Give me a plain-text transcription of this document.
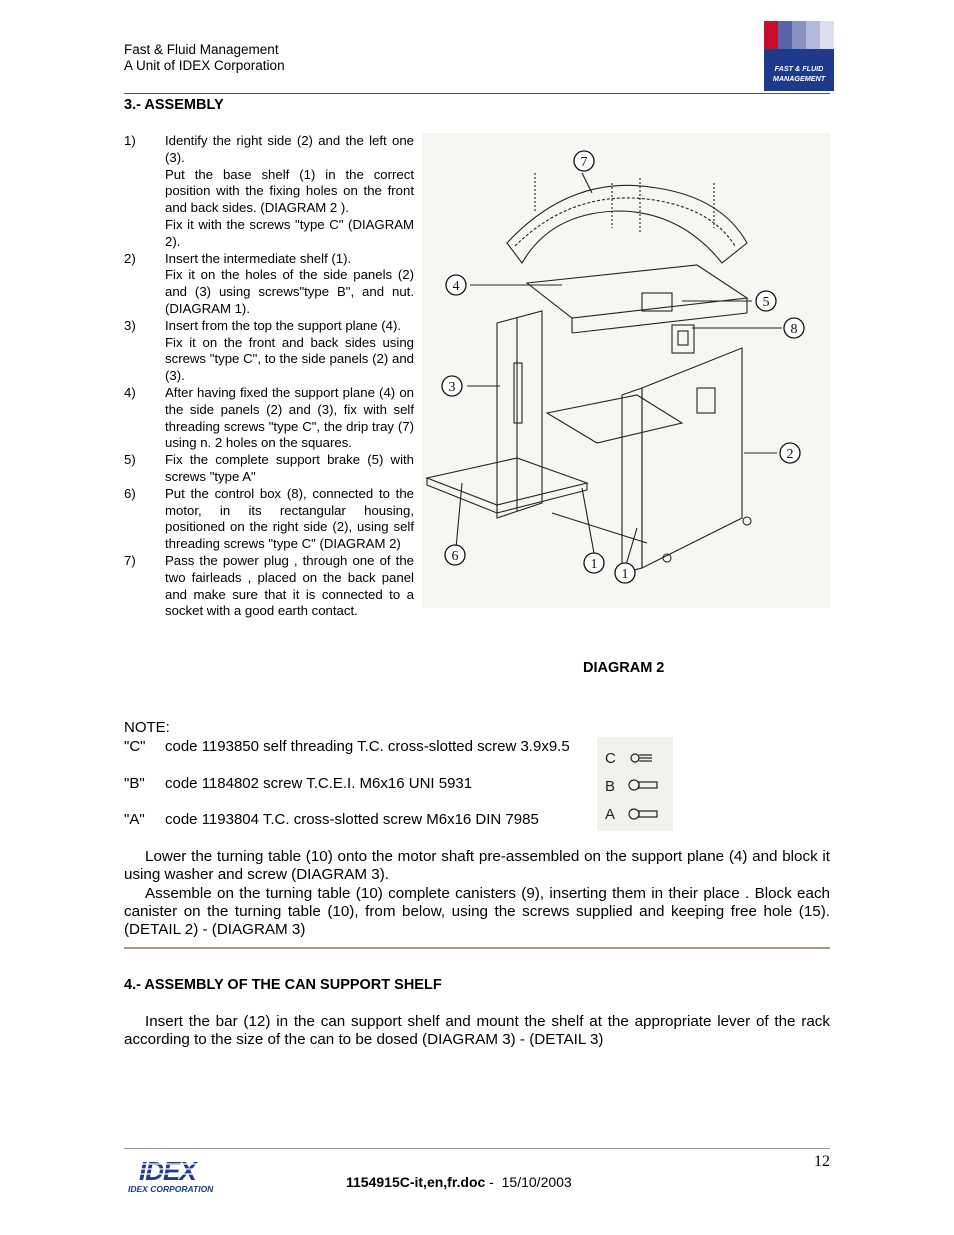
Fast & Fluid Management
A Unit of IDEX Corporation	FAST & FLUID
MANAGEMENT
3.- ASSEMBLY
1)	Identify the right side (2) and the left one (3).

Put the base shelf (1) in the correct position with the fixing holes on the front and back sides. (DIAGRAM 2 ).

Fix it with the screws "type C" (DIAGRAM 2).

2)	Insert the intermediate shelf (1).

Fix it on the holes of the side panels (2) and (3) using screws"type B", and nut.(DIAGRAM 1).

3)	Insert from the top the support plane (4).

Fix it on the front and back sides using screws "type C", to the side panels (2) and (3).

4)	After having fixed the support plane (4) on the side panels (2) and (3), fix with self threading screws "type C", the drip tray (7) using n. 2 holes on the squares.

5)	Fix the complete support brake (5) with screws "type A"

6)	Put the control box (8), connected to the motor, in its rectangular housing, positioned on the right side (2), using self threading screws "type C" (DIAGRAM 2)

7)	Pass the power plug , through one of the two fairleads , placed on the back panel and make sure that it is connected to a socket with a good earth contact.

7
4
5
8
3
2
6
1
1
DIAGRAM 2
NOTE:
"C" code 1193850 self threading T.C. cross-slotted screw 3.9x9.5
"B" code 1184802 screw T.C.E.I. M6x16 UNI 5931
"A" code 1193804 T.C. cross-slotted screw M6x16 DIN 7985
C
B
A
Lower the turning table (10) onto the motor shaft pre-assembled on the support plane (4) and block it using washer and screw (DIAGRAM 3).
Assemble on the turning table (10) complete canisters (9), inserting them in their place . Block each canister on the turning table (10), from below, using the screws supplied and keeping free hole (15). (DETAIL 2) - (DIAGRAM 3)
4.- ASSEMBLY OF THE CAN SUPPORT SHELF
Insert the bar (12) in the can support shelf and mount the shelf at the appropriate lever of the rack according to the size of the can to be dosed (DIAGRAM 3) - (DETAIL 3)
12
IDEX
IDEX CORPORATION	1154915C-it,en,fr.doc -  15/10/2003
